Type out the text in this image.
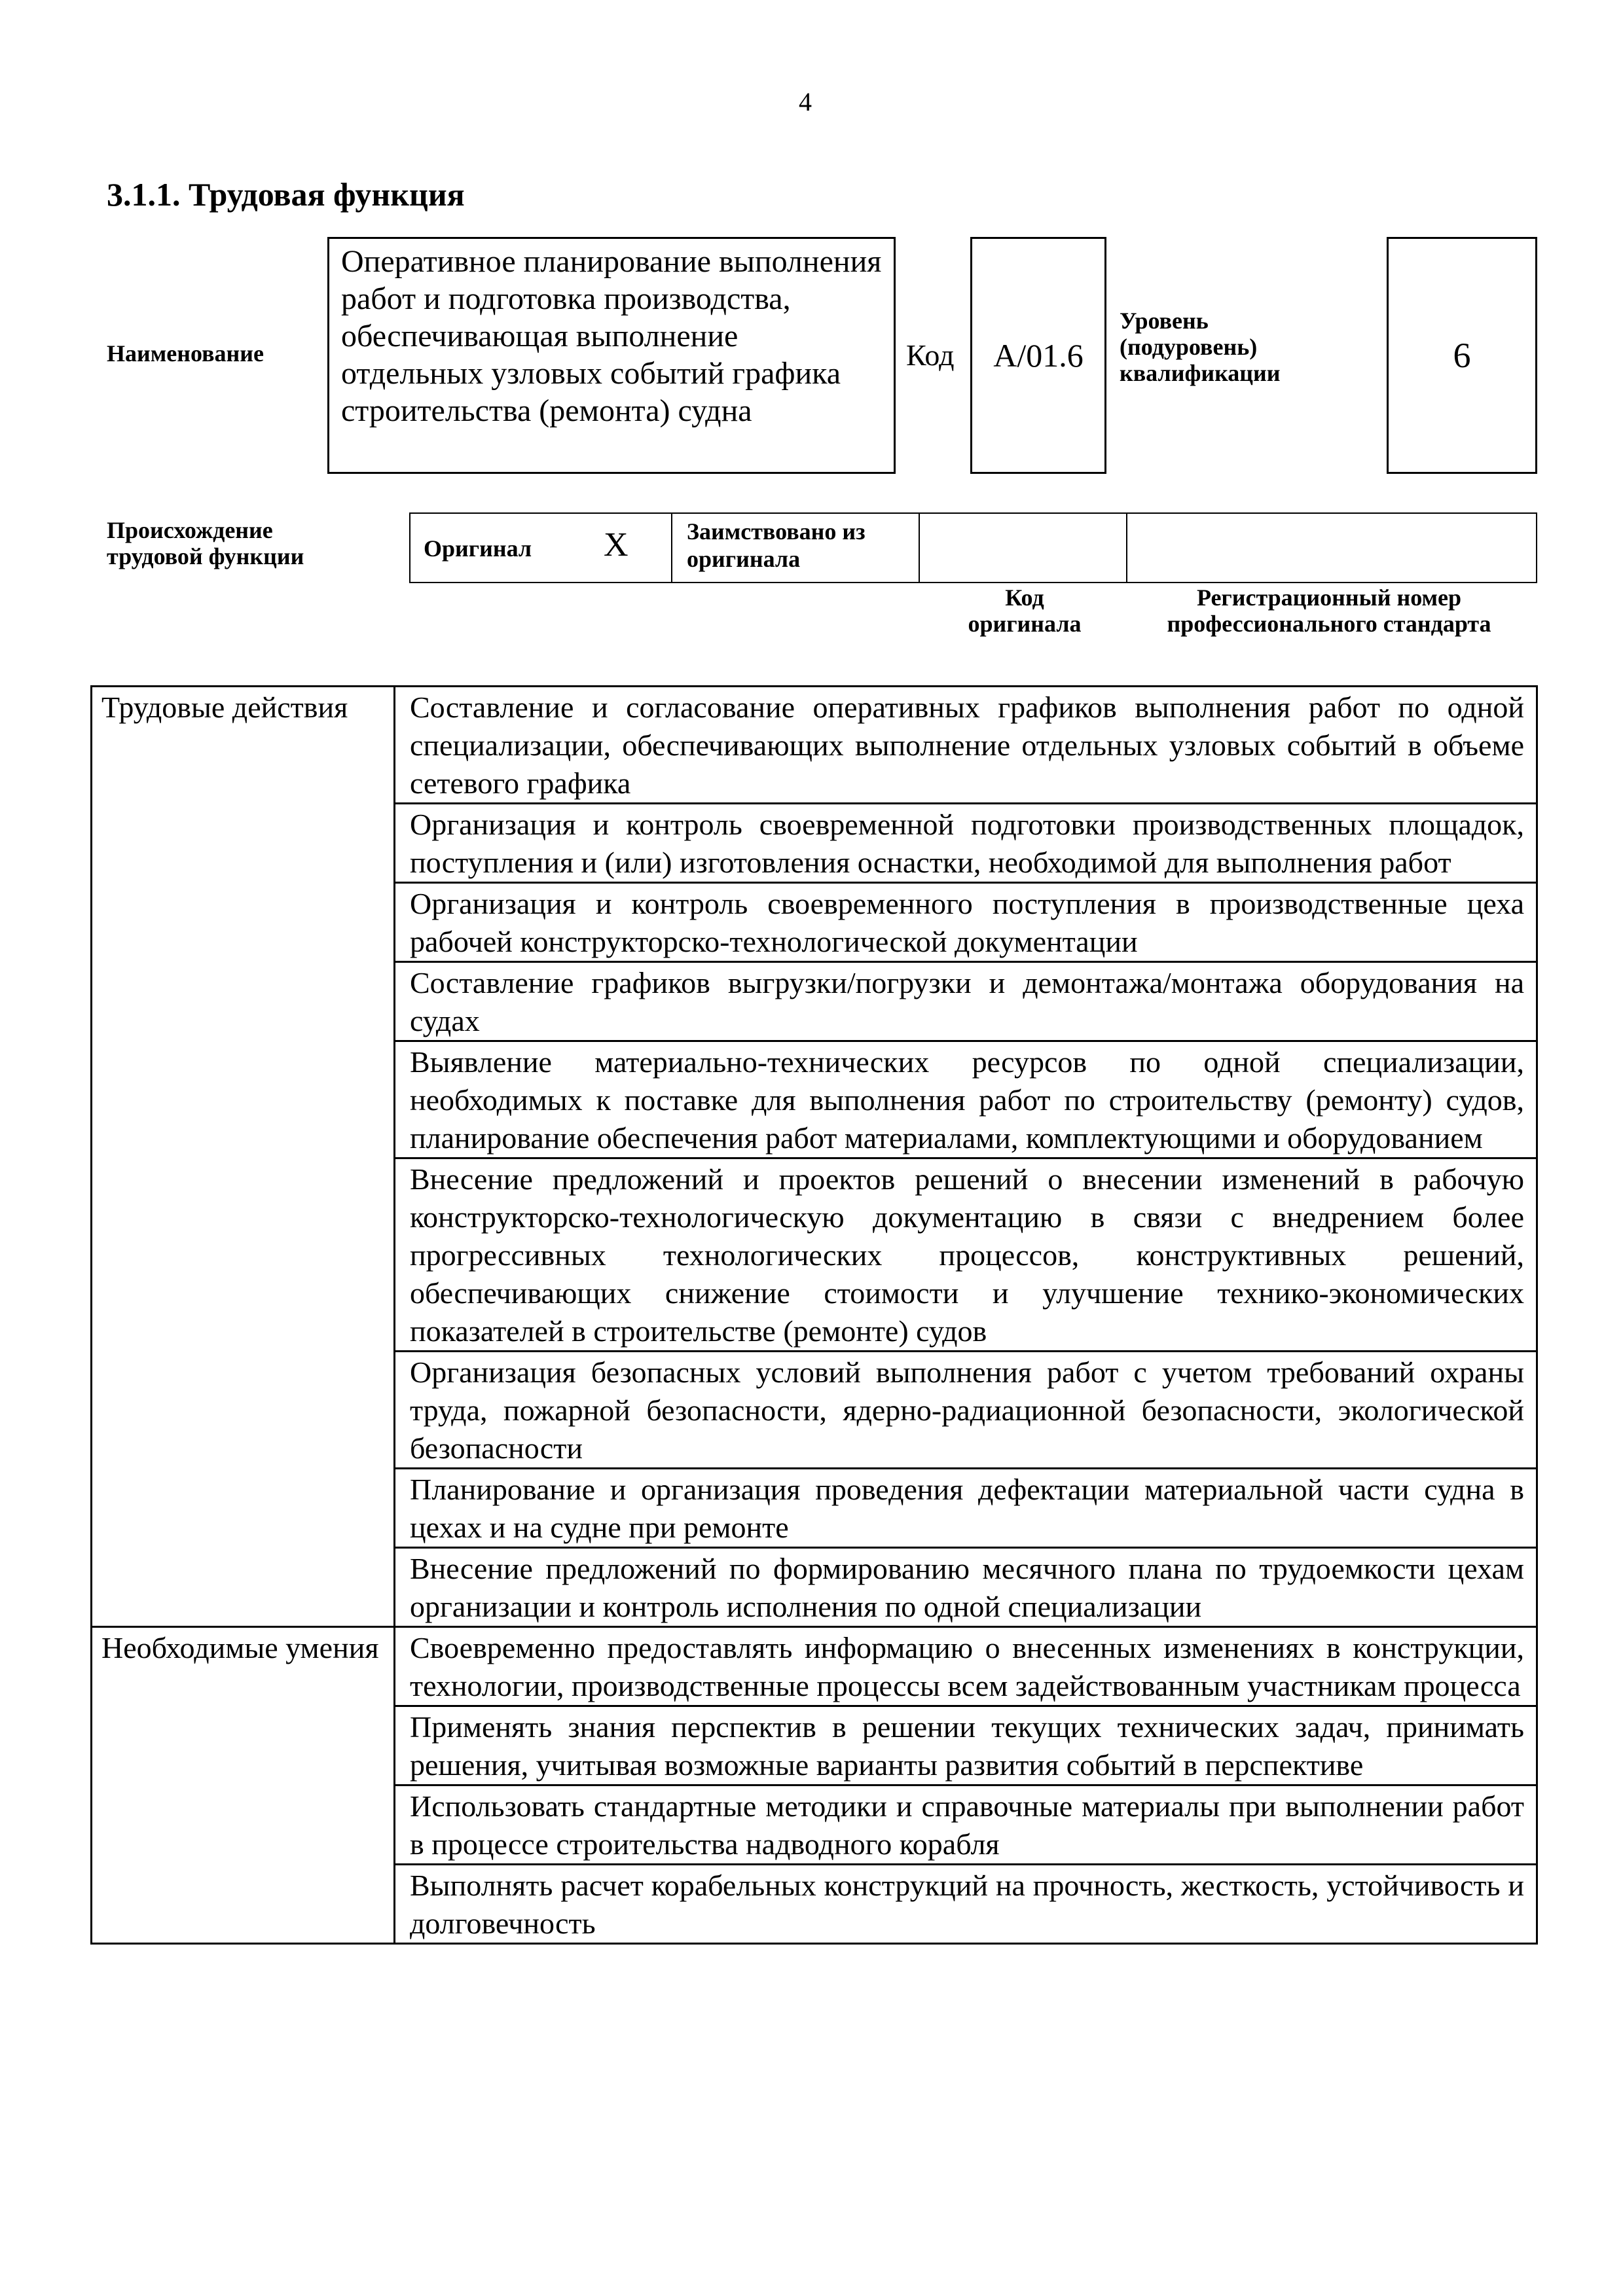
4
3.1.1. Трудовая функция
Наименование
Оперативное планирование выполнения работ и подготовка производства, обеспечивающая выполнение отдельных узловых событий графика строительства (ремонта) судна
Код	А/01.6
Уровень (подуровень) квалификации	6
Происхождение трудовой функции	Оригинал X Заимствовано из оригинала
Код оригинала
Регистрационный номер профессионального стандарта
Трудовые действия	Составление и согласование оперативных графиков выполнения работ по одной специализации, обеспечивающих выполнение отдельных узловых событий в объеме сетевого графика
	Организация и контроль своевременной подготовки производственных площадок, поступления и (или) изготовления оснастки, необходимой для выполнения работ
	Организация и контроль своевременного поступления в производственные цеха рабочей конструкторско-технологической документации
	Составление графиков выгрузки/погрузки и демонтажа/монтажа оборудования на судах
	Выявление материально-технических ресурсов по одной специализации, необходимых к поставке для выполнения работ по строительству (ремонту) судов, планирование обеспечения работ материалами, комплектующими и оборудованием
	Внесение предложений и проектов решений о внесении изменений в рабочую конструкторско-технологическую документацию в связи с внедрением более прогрессивных технологических процессов, конструктивных решений, обеспечивающих снижение стоимости и улучшение технико-экономических показателей в строительстве (ремонте) судов
	Организация безопасных условий выполнения работ с учетом требований охраны труда, пожарной безопасности, ядерно-радиационной безопасности, экологической безопасности
	Планирование и организация проведения дефектации материальной части судна в цехах и на судне при ремонте
	Внесение предложений по формированию месячного плана по трудоемкости цехам организации и контроль исполнения по одной специализации
Необходимые умения	Своевременно предоставлять информацию о внесенных изменениях в конструкции, технологии, производственные процессы всем задействованным участникам процесса
	Применять знания перспектив в решении текущих технических задач, принимать решения, учитывая возможные варианты развития событий в перспективе
	Использовать стандартные методики и справочные материалы при выполнении работ в процессе строительства надводного корабля
	Выполнять расчет корабельных конструкций на прочность, жесткость, устойчивость и долговечность
